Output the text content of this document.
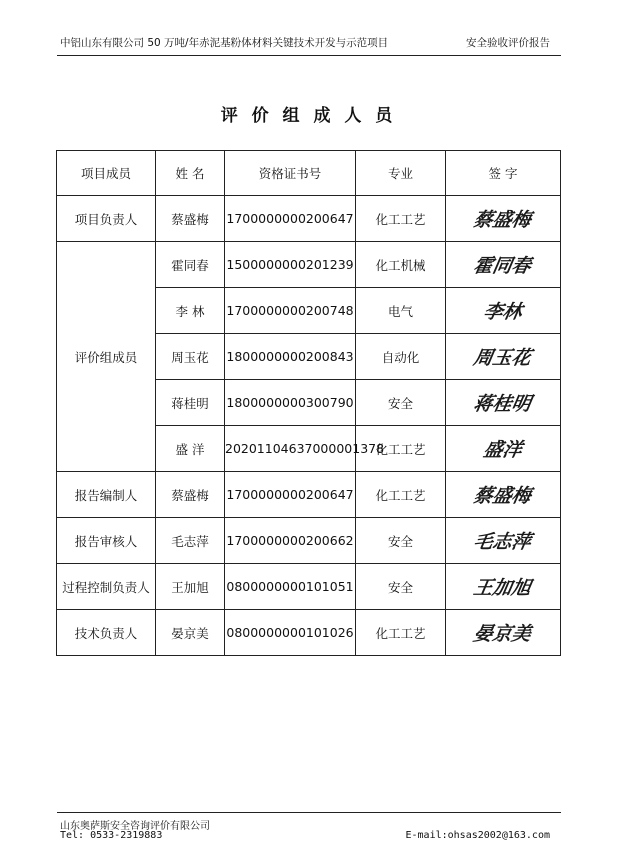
中铝山东有限公司 50 万吨/年赤泥基粉体材料关键技术开发与示范项目	安全验收评价报告
评 价 组 成 人 员
项目成员	姓 名	资格证书号	专业	签 字
项目负责人	蔡盛梅	1700000000200647	化工工艺	蔡盛梅
评价组成员	霍同春	1500000000201239	化工机械	霍同春
	李 林	1700000000200748	电气	李林
	周玉花	1800000000200843	自动化	周玉花
	蒋桂明	1800000000300790	安全	蒋桂明
	盛 洋	20201104637000001378	化工工艺	盛洋
报告编制人	蔡盛梅	1700000000200647	化工工艺	蔡盛梅
报告审核人	毛志萍	1700000000200662	安全	毛志萍
过程控制负责人	王加旭	0800000000101051	安全	王加旭
技术负责人	晏京美	0800000000101026	化工工艺	晏京美
山东奥萨斯安全咨询评价有限公司
Tel: 0533-2319883	E-mail:ohsas2002@163.com
